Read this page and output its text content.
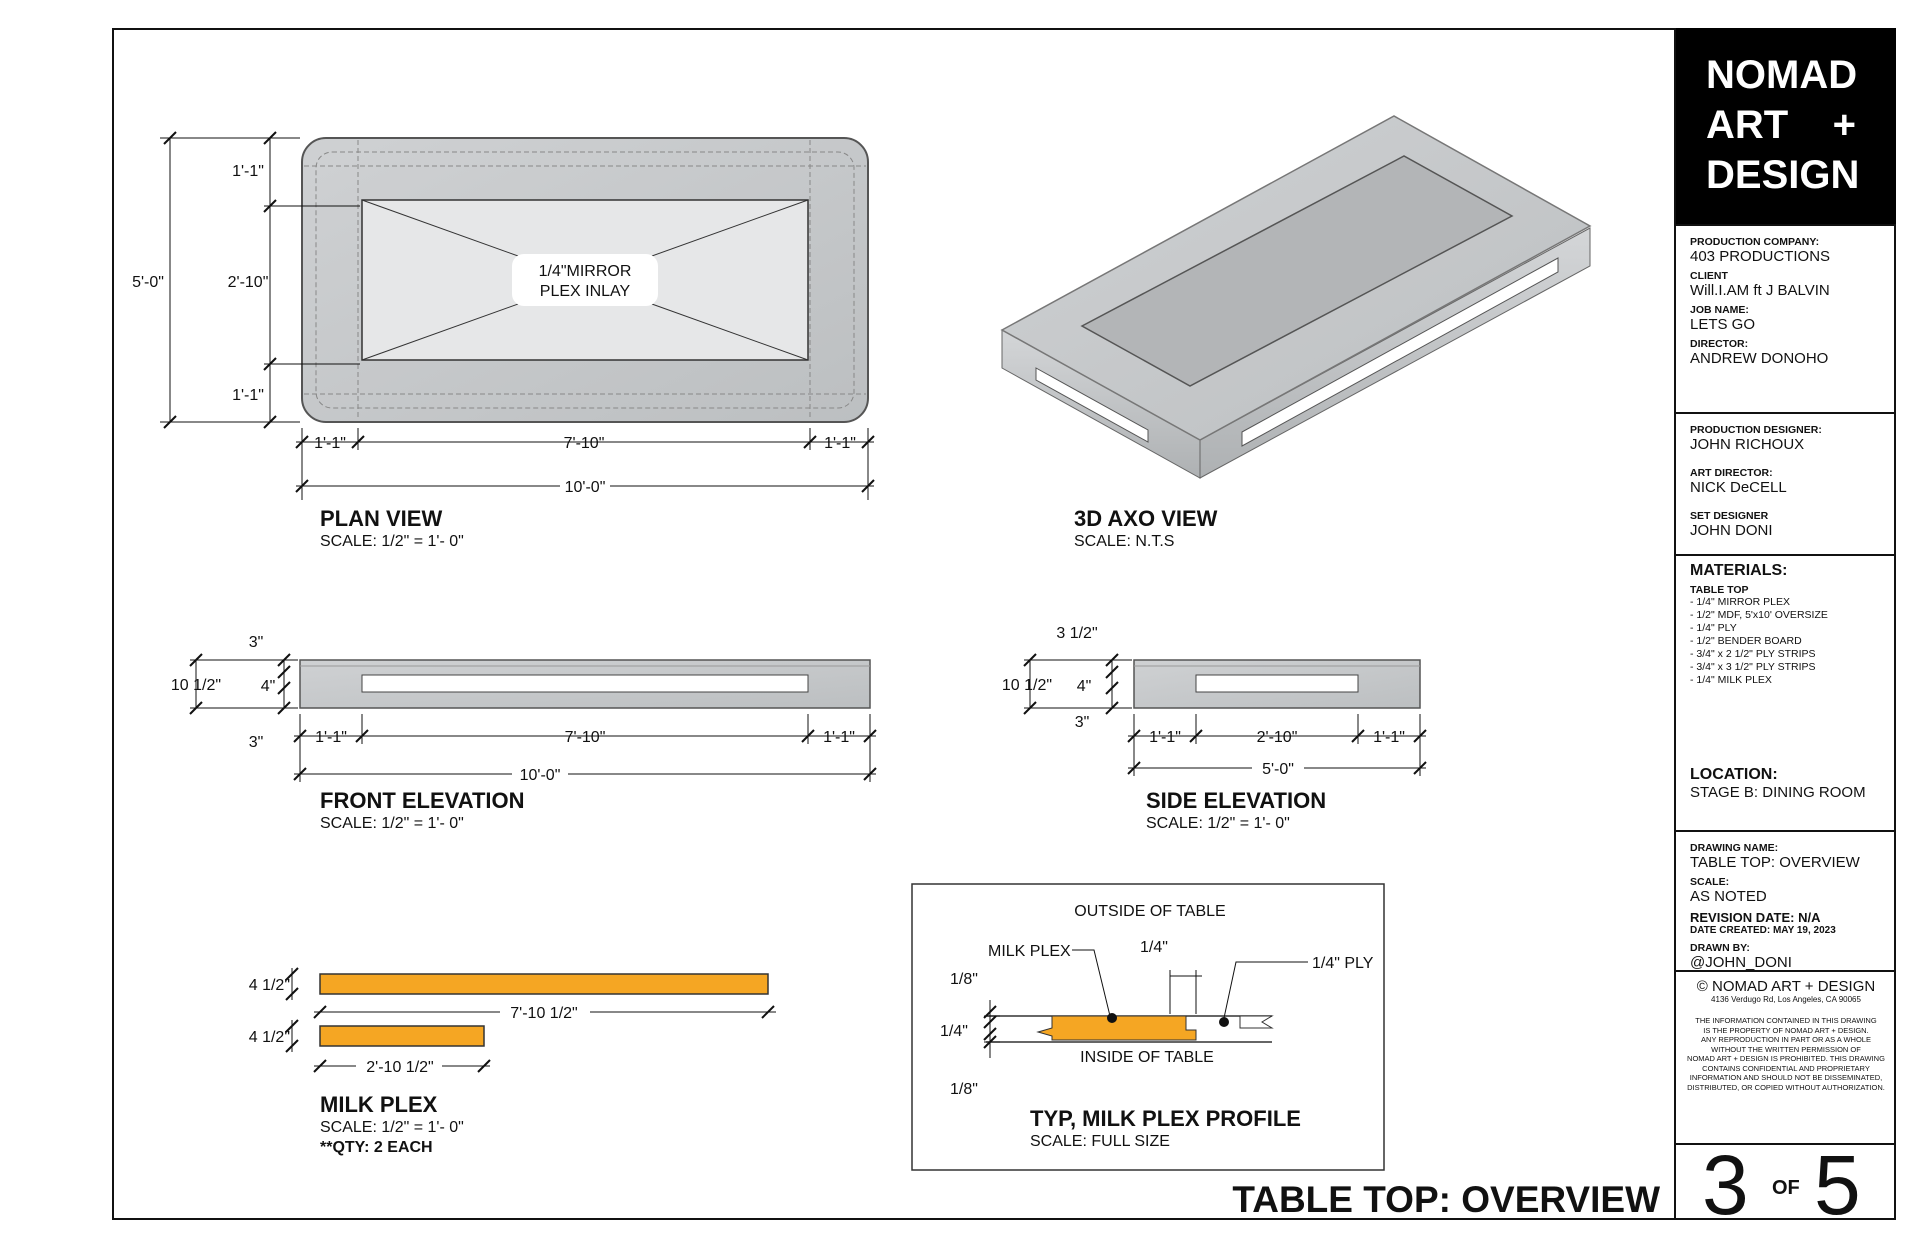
1/4"MIRROR
PLEX INLAY
5'-0"
1'-1"
2'-10"
1'-1"
1'-1"	7'-10"	1'-1"
10'-0"
PLAN VIEW
SCALE: 1/2" = 1'- 0"
3D AXO VIEW
SCALE: N.T.S
10 1/2"
3"
4"
3"	1'-1"	7'-10"	1'-1"
10'-0"
FRONT ELEVATION
SCALE: 1/2" = 1'- 0"
10 1/2"
3 1/2"
4"
3"
1'-1"	2'-10"	1'-1"
5'-0"
SIDE ELEVATION
SCALE: 1/2" = 1'- 0"
4 1/2"
7'-10 1/2"
4 1/2"
2'-10 1/2"
MILK PLEX
SCALE: 1/2" = 1'- 0"
**QTY: 2 EACH
OUTSIDE OF TABLE
INSIDE OF TABLE
MILK PLEX
1/4" PLY
1/4"
1/8"
1/4"
1/8"
TYP, MILK PLEX PROFILE
SCALE: FULL SIZE
TABLE TOP: OVERVIEW
NOMAD
ART    +
DESIGN
PRODUCTION COMPANY:
403 PRODUCTIONS
CLIENT
Will.I.AM ft J BALVIN
JOB NAME:
LETS GO
DIRECTOR:
ANDREW DONOHO
PRODUCTION DESIGNER:
JOHN RICHOUX
ART DIRECTOR:
NICK DeCELL
SET DESIGNER
JOHN DONI
MATERIALS:
TABLE TOP
- 1/4" MIRROR PLEX
- 1/2" MDF, 5'x10' OVERSIZE
- 1/4" PLY
- 1/2" BENDER BOARD
- 3/4" x 2 1/2" PLY STRIPS
- 3/4" x 3 1/2" PLY STRIPS
- 1/4" MILK PLEX
LOCATION:
STAGE B: DINING ROOM
DRAWING NAME:
TABLE TOP: OVERVIEW
SCALE:
AS NOTED
REVISION DATE: N/A
DATE CREATED: MAY 19, 2023
DRAWN BY:
@JOHN_DONI
© NOMAD ART + DESIGN
4136 Verdugo Rd, Los Angeles, CA 90065
THE INFORMATION CONTAINED IN THIS DRAWING
IS THE PROPERTY OF NOMAD ART + DESIGN.
ANY REPRODUCTION IN PART OR AS A WHOLE
WITHOUT THE WRITTEN PERMISSION OF
NOMAD ART + DESIGN IS PROHIBITED. THIS DRAWING
CONTAINS CONFIDENTIAL AND PROPRIETARY
INFORMATION AND SHOULD NOT BE DISSEMINATED,
DISTRIBUTED, OR COPIED WITHOUT AUTHORIZATION.
3 OF 5
